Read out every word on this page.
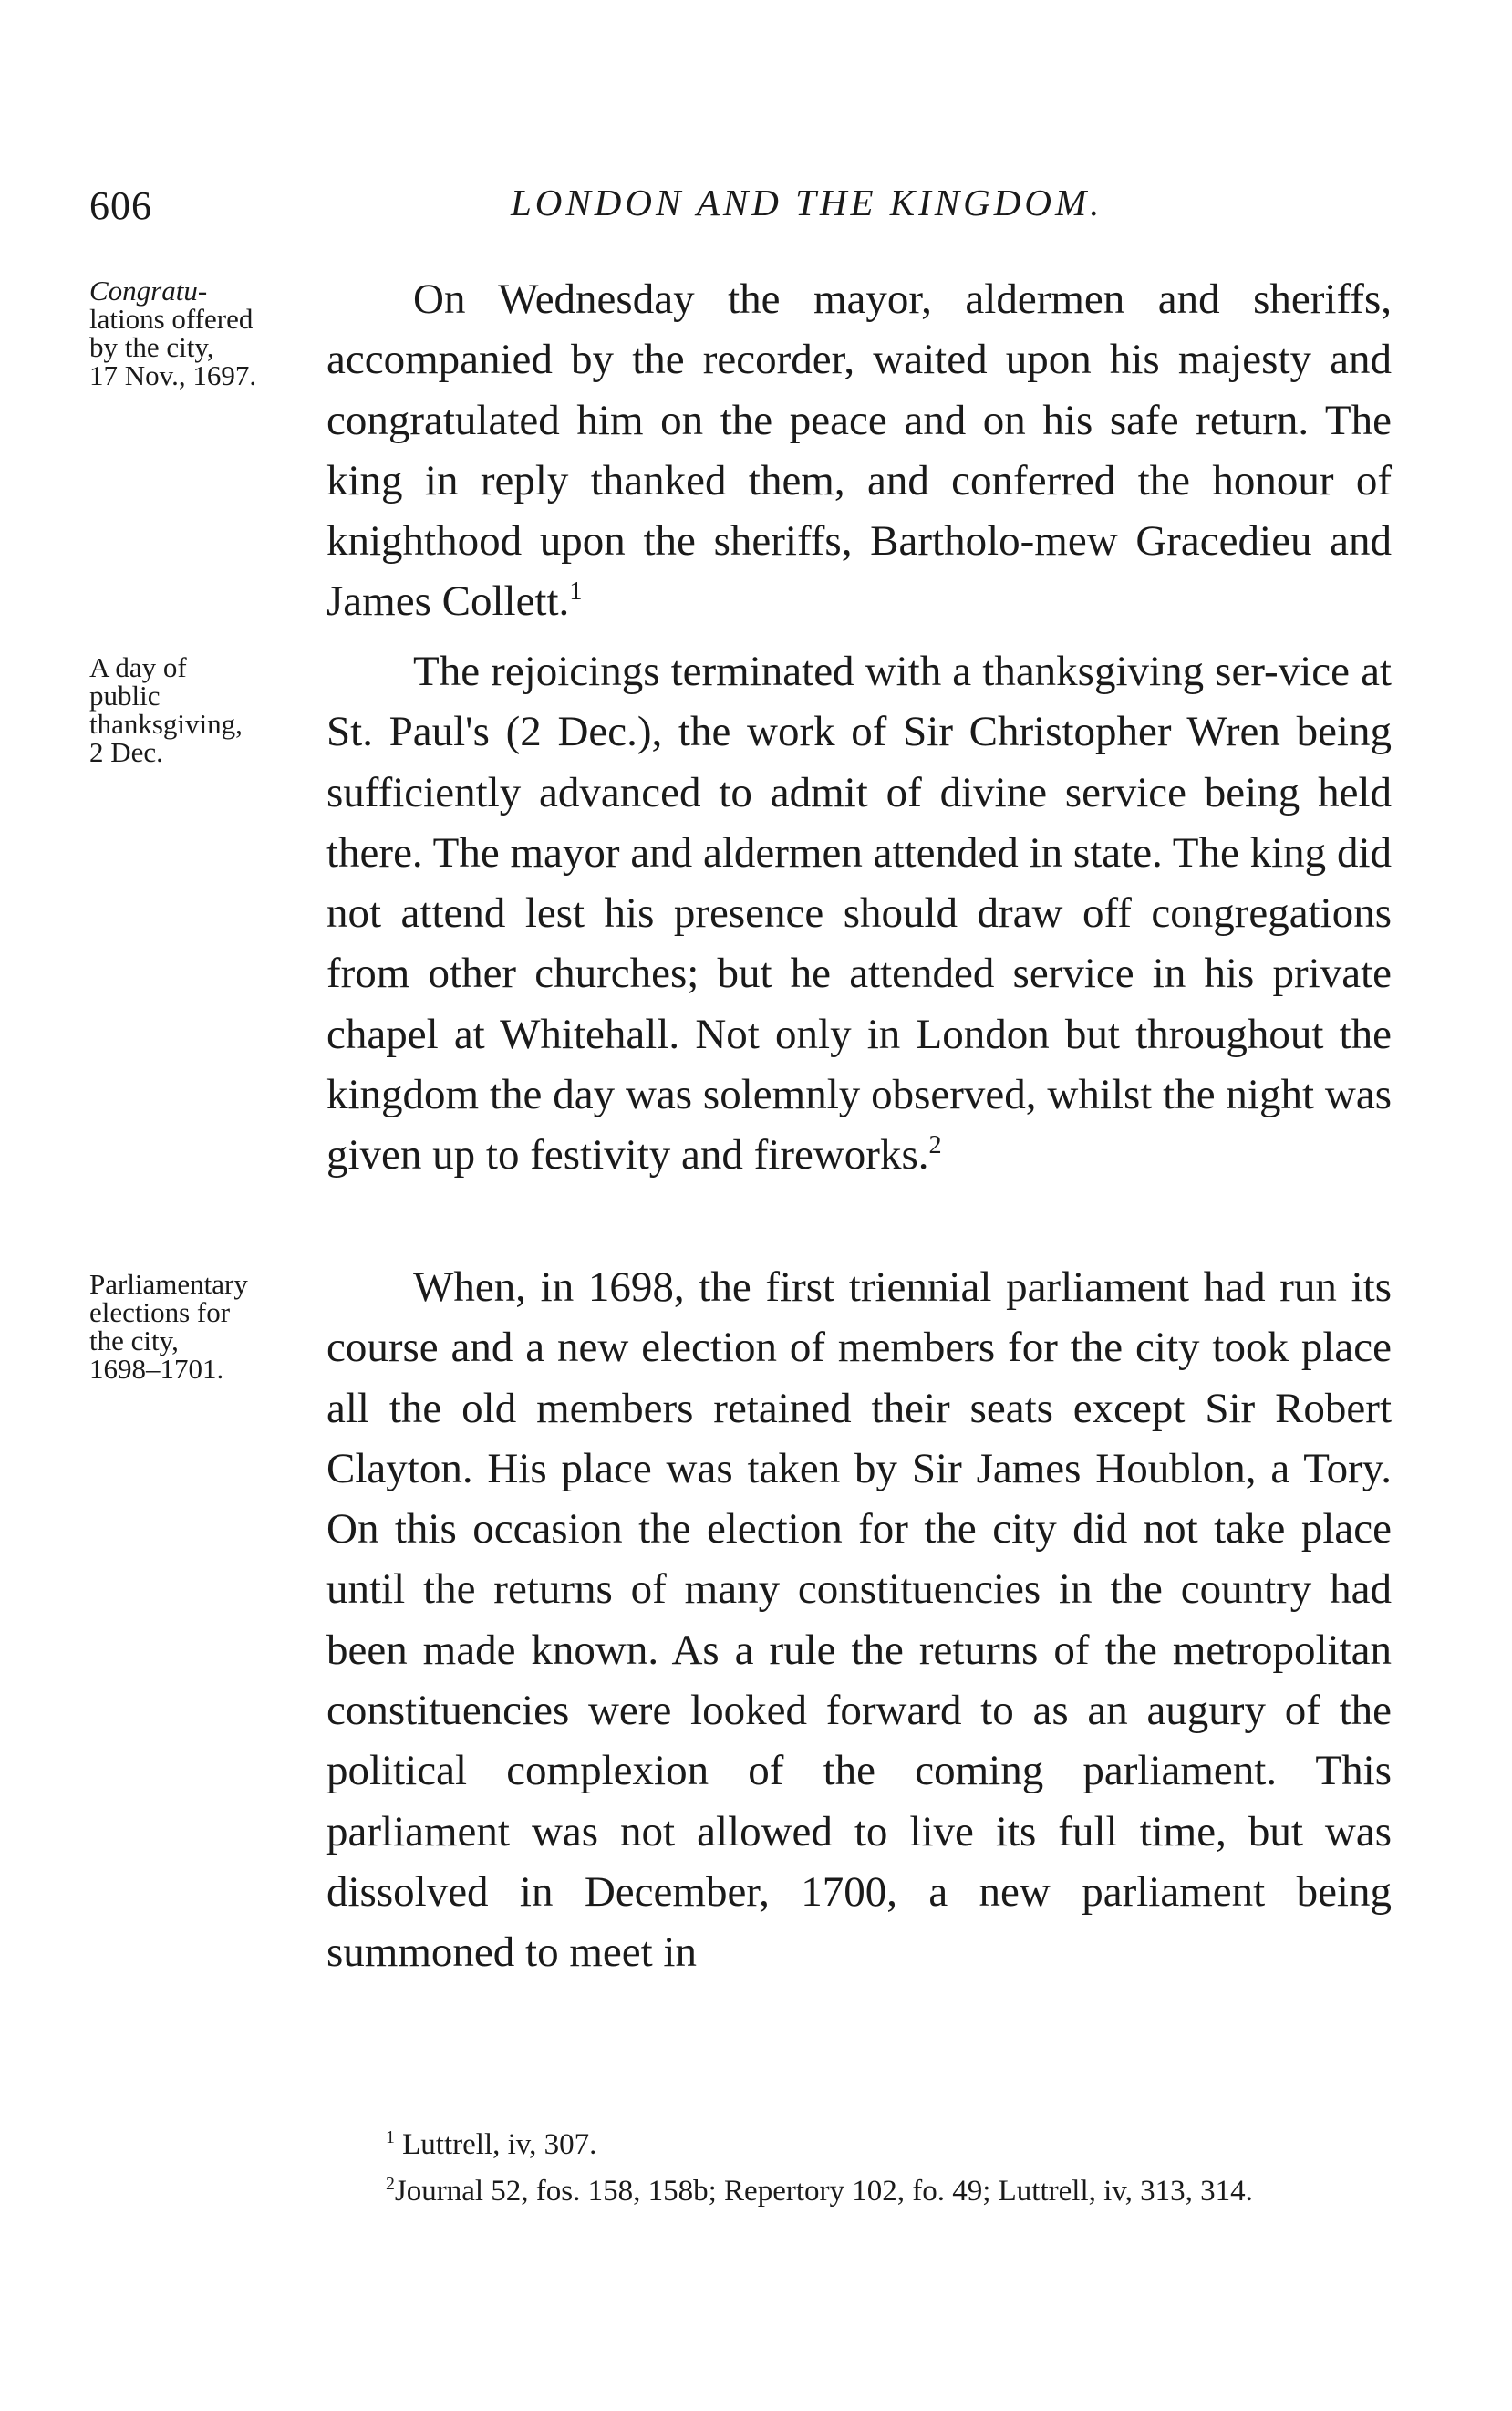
606	LONDON AND THE KINGDOM.
Congratu-
lations offered
by the city,
17 Nov., 1697.
A day of
public
thanksgiving,
2 Dec.
Parliamentary
elections for
the city,
1698–1701.
On Wednesday the mayor, aldermen and sheriffs, accompanied by the recorder, waited upon his majesty and congratulated him on the peace and on his safe return. The king in reply thanked them, and conferred the honour of knighthood upon the sheriffs, Bartholo-mew Gracedieu and James Collett.$^1$
The rejoicings terminated with a thanksgiving ser-vice at St. Paul's (2 Dec.), the work of Sir Christopher Wren being sufficiently advanced to admit of divine service being held there. The mayor and aldermen attended in state. The king did not attend lest his presence should draw off congregations from other churches; but he attended service in his private chapel at Whitehall. Not only in London but throughout the kingdom the day was solemnly observed, whilst the night was given up to festivity and fireworks.$^2$
When, in 1698, the first triennial parliament had run its course and a new election of members for the city took place all the old members retained their seats except Sir Robert Clayton. His place was taken by Sir James Houblon, a Tory. On this occasion the election for the city did not take place until the returns of many constituencies in the country had been made known. As a rule the returns of the metropolitan constituencies were looked forward to as an augury of the political complexion of the coming parliament. This parliament was not allowed to live its full time, but was dissolved in December, 1700, a new parliament being summoned to meet in
$^1$ Luttrell, iv, 307.
$^2$Journal 52, fos. 158, 158b; Repertory 102, fo. 49; Luttrell, iv, 313, 314.
